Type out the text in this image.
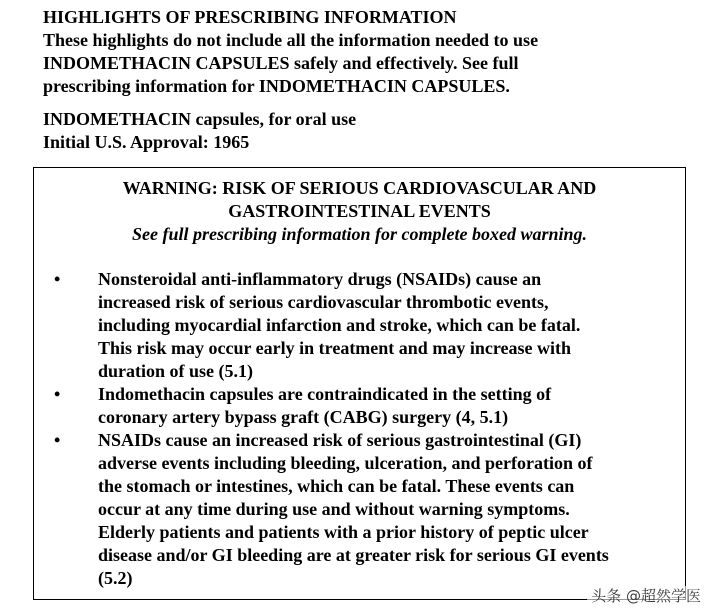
HIGHLIGHTS OF PRESCRIBING INFORMATION
These highlights do not include all the information needed to use
INDOMETHACIN CAPSULES safely and effectively. See full
prescribing information for INDOMETHACIN CAPSULES.
INDOMETHACIN capsules, for oral use
Initial U.S. Approval: 1965
WARNING: RISK OF SERIOUS CARDIOVASCULAR AND
GASTROINTESTINAL EVENTS
See full prescribing information for complete boxed warning.
• Nonsteroidal anti-inflammatory drugs (NSAIDs) cause an
increased risk of serious cardiovascular thrombotic events,
including myocardial infarction and stroke, which can be fatal.
This risk may occur early in treatment and may increase with
duration of use (5.1)
• Indomethacin capsules are contraindicated in the setting of
coronary artery bypass graft (CABG) surgery (4, 5.1)
• NSAIDs cause an increased risk of serious gastrointestinal (GI)
adverse events including bleeding, ulceration, and perforation of
the stomach or intestines, which can be fatal. These events can
occur at any time during use and without warning symptoms.
Elderly patients and patients with a prior history of peptic ulcer
disease and/or GI bleeding are at greater risk for serious GI events
(5.2)
头条 @超然学医
